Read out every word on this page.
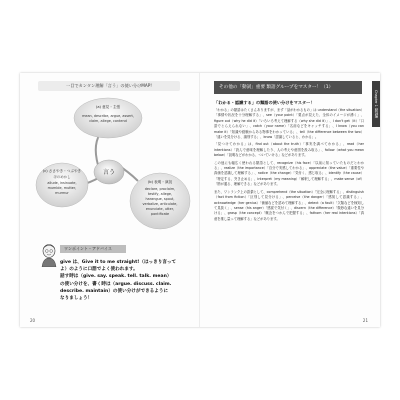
一目でカンタン理解「言う」の使い分けMAP!
(a) 意見・主張
mean, describe, argue, assert,
claim, allege, contend
言う
(b) 表明・演説
declare, proclaim,
testify, allege,
harangue, spout,
verbalize, articulate,
enunciate, utter,
pontificate
(c) ささやき・つぶやき
ほのめかし
allude, insinuate,
mumble, mutter,
murmur
ワンポイント・アドバイス
give は、Give it to me straight!（はっきり言って
よ）のように口語でよく使われます。
話す時は（give. say. speak. tell. talk. mean）
の使い分けを、書く時は（argue. discuss. claim.
describe. maintain）の使い分けができるように
なりましょう！
20
その他の「動詞」重要 類語グループをマスター！（1）
Chapter 1 動詞編
「わかる・認識する」の類語の使い分けをマスター！

「わかる」の類語はたくさんありますが、まず「話がわかるもの」は understand（the situation）「事情や状況を十分理解する」、see（your point）「要点が見えた、全体のイメージが湧く」、figure out（why he did it）「いろいろ考えて理解する（why she did it）」、I don't get（it）「口語でとらえられない」、catch（your name）「名前などをキャッチする」、I know（you can make it）「知識や経験からある物事をわかっている」、tell（the difference between the two）「違いを見分ける、識別する」、know「認識していると、わかる」。

「見つけてわかる」は、find out（about the truth）「事実を調べてわかる」、read（her intentions）「読んで意味を理解したり、人の考えや意図を汲み取る」、follow（what you mean below）「説明などがわかる、ついていける」などがあります。

この他にも幅広く使われる類語として、recognize（his face）「以前に知っていたものだとわかる」、realize（the importance）「自分で実感してわかる」、appreciate（the value）「重要性や真価を認識して理解する」、notice（the change）「気付く、感じ取る」、identify（the cause）「特定する、突き止める」、interpret（my meaning）「解釈して理解する」、make sense（of）「筋が通る、理解できる」などがあります。

また、ワンランク上の語彙として、comprehend（the situation）「完全に理解する」、distinguish（fact from fiction）「区別して見分ける」、perceive（the danger）「感知して認識する」、acknowledge（her genius）「価値などを認めて理解する」、detect（a fault）「欠陥などを検知して見抜く」、sense（his anger）「感覚で気付く」、discern（the difference）「微妙な違いを見分ける」、grasp（the concept）「概念をつかんで把握する」、fathom（her real intentions）「真意を推し量って理解する」などがあります。

21
